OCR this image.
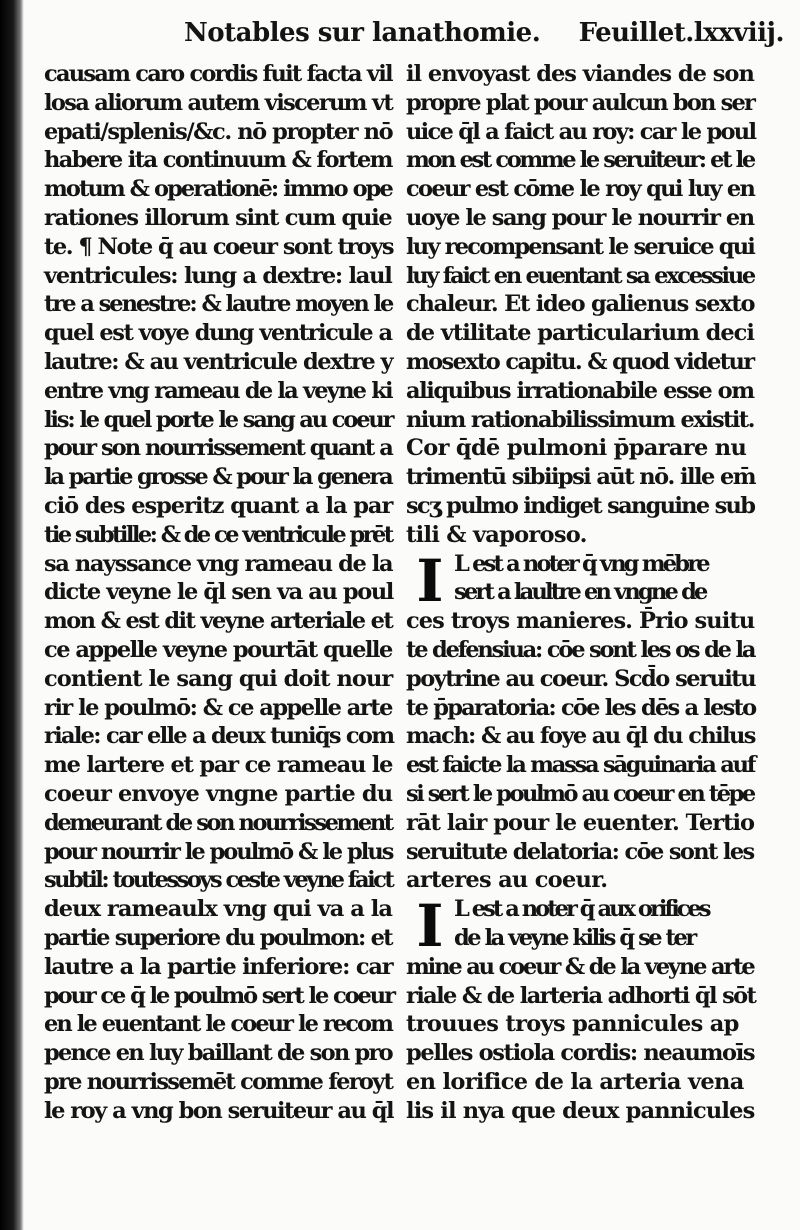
Notables sur lanathomie. Feuillet.lxxviij.
causam caro cordis fuit facta vil
losa aliorum autem viscerum vt
epati/splenis/&c. nō propter nō
habere ita continuum & fortem
motum & operationē: immo ope
rationes illorum sint cum quie
te. ¶ Note q̄ au coeur sont troys
ventricules: lung a dextre: laul
tre a senestre: & lautre moyen le
quel est voye dung ventricule a
lautre: & au ventricule dextre y
entre vng rameau de la veyne ki
lis: le quel porte le sang au coeur
pour son nourrissement quant a
la partie grosse & pour la genera
ciō des esperitz quant a la par
tie subtille: & de ce ventricule prēt
sa nayssance vng rameau de la
dicte veyne le q̄l sen va au poul
mon & est dit veyne arteriale et
ce appelle veyne pourtāt quelle
contient le sang qui doit nour
rir le poulmō: & ce appelle arte
riale: car elle a deux tuniq̄s com
me lartere et par ce rameau le
coeur envoye vngne partie du
demeurant de son nourrissement
pour nourrir le poulmō & le plus
subtil: toutessoys ceste veyne faict
deux rameaulx vng qui va a la
partie superiore du poulmon: et
lautre a la partie inferiore: car
pour ce q̄ le poulmō sert le coeur
en le euentant le coeur le recom
pence en luy baillant de son pro
pre nourrissemēt comme feroyt
le roy a vng bon seruiteur au q̄l
il envoyast des viandes de son
propre plat pour aulcun bon ser
uice q̄l a faict au roy: car le poul
mon est comme le seruiteur: et le
coeur est cōme le roy qui luy en
uoye le sang pour le nourrir en
luy recompensant le seruice qui
luy faict en euentant sa excessiue
chaleur. Et ideo galienus sexto
de vtilitate particularium deci
mosexto capitu. & quod videtur
aliquibus irrationabile esse om
nium rationabilissimum existit.
Cor q̄dē pulmoni p̄parare nu
trimentū sibiipsi aūt nō. ille em̄
scʒ pulmo indiget sanguine sub
tili & vaporoso.
I L est a noter q̄ vng mēbre
sert a laultre en vngne de
ces troys manieres. P̄rio suitu
te defensiua: cōe sont les os de la
poytrine au coeur. Scd̄o seruitu
te p̄paratoria: cōe les dēs a lesto
mach: & au foye au q̄l du chilus
est faicte la massa sāguinaria auf
si sert le poulmō au coeur en tēpe
rāt lair pour le euenter. Tertio
seruitute delatoria: cōe sont les
arteres au coeur.
I L est a noter q̄ aux orifices
de la veyne kilis q̄ se ter
mine au coeur & de la veyne arte
riale & de larteria adhorti q̄l sōt
trouues troys pannicules ap
pelles ostiola cordis: neaumoīs
en lorifice de la arteria vena
lis il nya que deux pannicules
